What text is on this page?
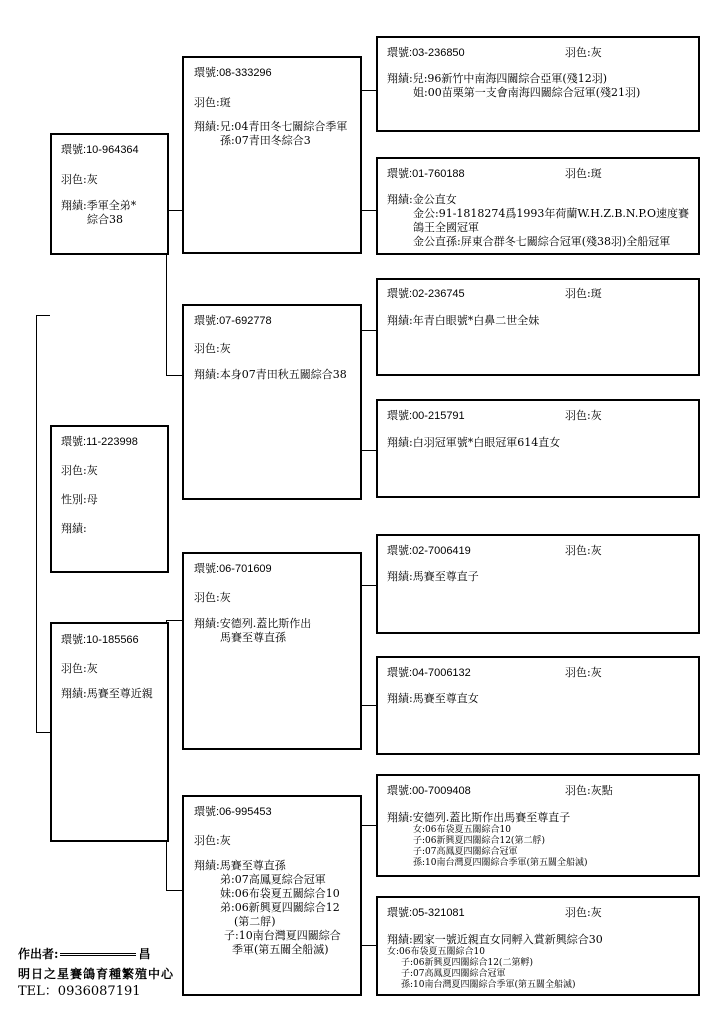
環號:10-964364
羽色:灰
翔績:季軍全弟*
綜合38
環號:11-223998
羽色:灰
性別:母
翔績:
環號:10-185566
羽色:灰
翔績:馬賽至尊近親
環號:08-333296
羽色:斑
翔績:兄:04青田冬七關綜合季軍
孫:07青田冬綜合3
環號:07-692778
羽色:灰
翔績:本身07青田秋五關綜合38
環號:06-701609
羽色:灰
翔績:安德列.蓋比斯作出
馬賽至尊直孫
環號:06-995453
羽色:灰
翔績:馬賽至尊直孫
弟:07高鳳夏綜合冠軍
妹:06布袋夏五關綜合10
弟:06新興夏四關綜合12
(第二艀)
子:10南台灣夏四關綜合
季軍(第五關全船滅)
環號:03-236850	羽色:灰
翔績:兒:96新竹中南海四關綜合亞軍(殘12羽)
姐:00苗栗第一支會南海四關綜合冠軍(殘21羽)
環號:01-760188	羽色:斑
翔績:金公直女
金公:91-1818274爲1993年荷蘭W.H.Z.B.N.P.O速度賽
鴿王全國冠軍
金公直孫:屏東合群冬七關綜合冠軍(殘38羽)全船冠軍
環號:02-236745	羽色:斑
翔績:年青白眼號*白鼻二世全妹
環號:00-215791	羽色:灰
翔績:白羽冠軍號*白眼冠軍614直女
環號:02-7006419	羽色:灰
翔績:馬賽至尊直子
環號:04-7006132	羽色:灰
翔績:馬賽至尊直女
環號:00-7009408	羽色:灰點
翔績:安德列.蓋比斯作出馬賽至尊直子
女:06布袋夏五關綜合10
子:06新興夏四關綜合12(第二艀)
子:07高鳳夏四關綜合冠軍
孫:10南台灣夏四關綜合季軍(第五關全船滅)
環號:05-321081	羽色:灰
翔績:國家一號近親直女同孵入賞新興綜合30
女:06布袋夏五關綜合10
子:06新興夏四關綜合12(二第孵)
子:07高鳳夏四關綜合冠軍
孫:10南台灣夏四關綜合季軍(第五關全船滅)
作出者:	昌
明日之星賽鴿育種繁殖中心
TEL：0936087191
